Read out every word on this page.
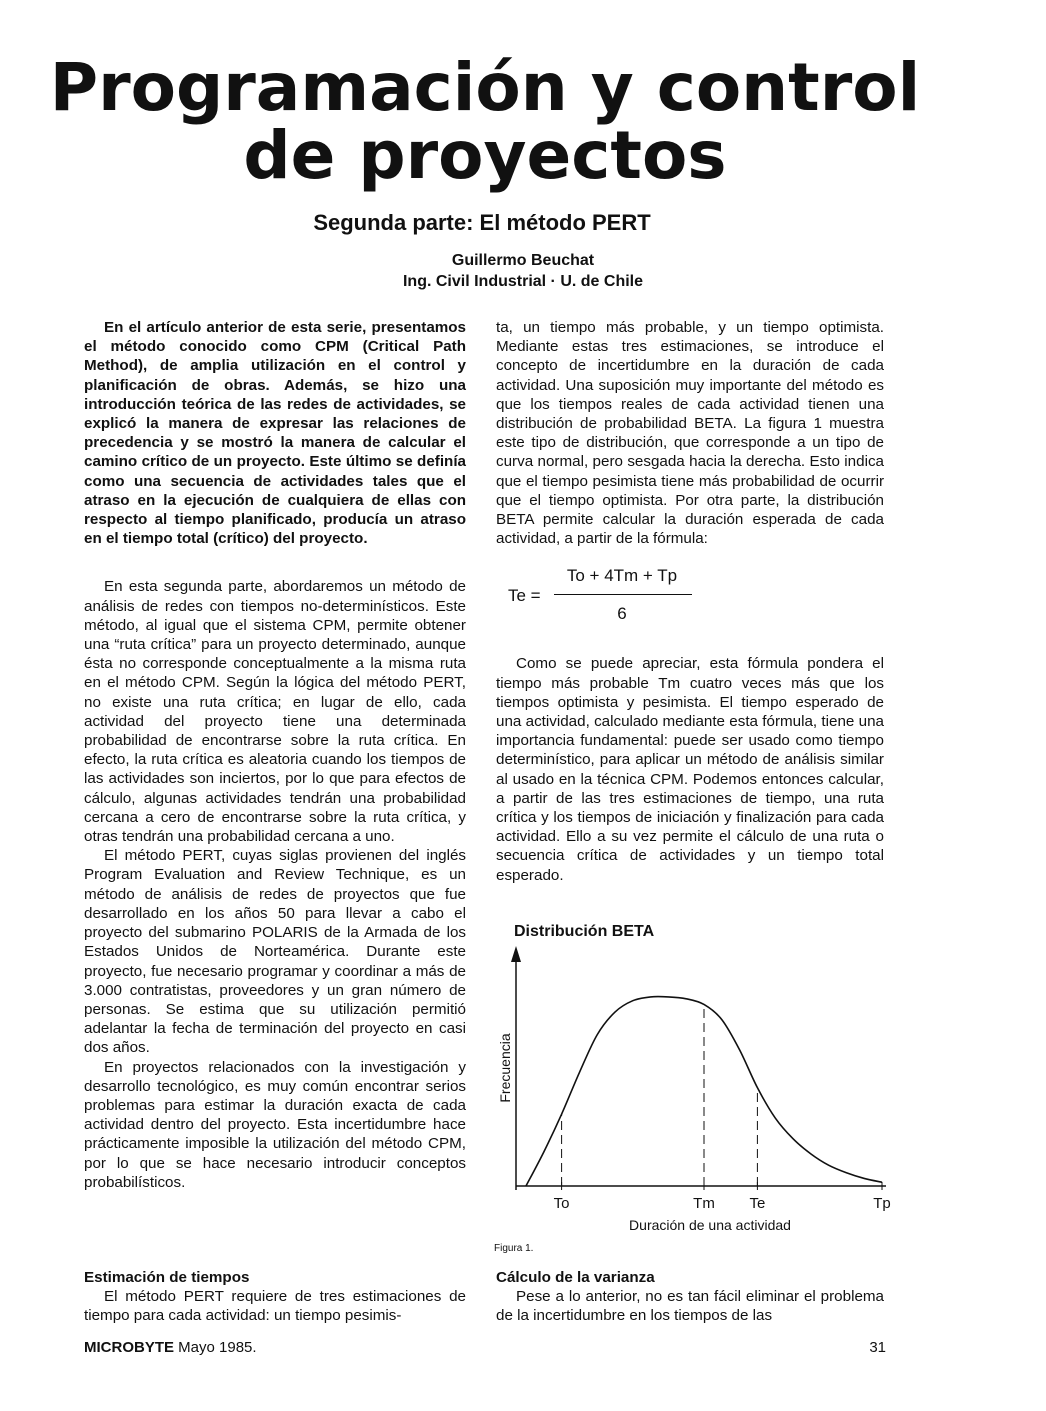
Programación y control
de proyectos
Segunda parte: El método PERT
Guillermo Beuchat
Ing. Civil Industrial · U. de Chile

En el artículo anterior de esta serie, presentamos el método conocido como CPM (Critical Path Method), de amplia utilización en el control y planificación de obras. Además, se hizo una introducción teórica de las redes de actividades, se explicó la manera de expresar las relaciones de precedencia y se mostró la manera de calcular el camino crítico de un proyecto. Este último se definía como una secuencia de actividades tales que el atraso en la ejecución de cualquiera de ellas con respecto al tiempo planificado, producía un atraso en el tiempo total (crítico) del proyecto.

En esta segunda parte, abordaremos un método de análisis de redes con tiempos no-determinísticos. Este método, al igual que el sistema CPM, permite obtener una “ruta crítica” para un proyecto determinado, aunque ésta no corresponde conceptualmente a la misma ruta en el método CPM. Según la lógica del método PERT, no existe una ruta crítica; en lugar de ello, cada actividad del proyecto tiene una determinada probabilidad de encontrarse sobre la ruta crítica. En efecto, la ruta crítica es aleatoria cuando los tiempos de las actividades son inciertos, por lo que para efectos de cálculo, algunas actividades tendrán una probabilidad cercana a cero de encontrarse sobre la ruta crítica, y otras tendrán una probabilidad cercana a uno.

El método PERT, cuyas siglas provienen del inglés Program Evaluation and Review Technique, es un método de análisis de redes de proyectos que fue desarrollado en los años 50 para llevar a cabo el proyecto del submarino POLARIS de la Armada de los Estados Unidos de Norteamérica. Durante este proyecto, fue necesario programar y coordinar a más de 3.000 contratistas, proveedores y un gran número de personas. Se estima que su utilización permitió adelantar la fecha de terminación del proyecto en casi dos años.

En proyectos relacionados con la investigación y desarrollo tecnológico, es muy común encontrar serios problemas para estimar la duración exacta de cada actividad dentro del proyecto. Esta incertidumbre hace prácticamente imposible la utilización del método CPM, por lo que se hace necesario introducir conceptos probabilísticos.

ta, un tiempo más probable, y un tiempo optimista. Mediante estas tres estimaciones, se introduce el concepto de incertidumbre en la duración de cada actividad. Una suposición muy importante del método es que los tiempos reales de cada actividad tienen una distribución de probabilidad BETA. La figura 1 muestra este tipo de distribución, que corresponde a un tipo de curva normal, pero sesgada hacia la derecha. Esto indica que el tiempo pesimista tiene más probabilidad de ocurrir que el tiempo optimista. Por otra parte, la distribución BETA permite calcular la duración esperada de cada actividad, a partir de la fórmula:

Te =
To + 4Tm + Tp
6

Como se puede apreciar, esta fórmula pondera el tiempo más probable Tm cuatro veces más que los tiempos optimista y pesimista. El tiempo esperado de una actividad, calculado mediante esta fórmula, tiene una importancia fundamental: puede ser usado como tiempo determinístico, para aplicar un método de análisis similar al usado en la técnica CPM. Podemos entonces calcular, a partir de las tres estimaciones de tiempo, una ruta crítica y los tiempos de iniciación y finalización para cada actividad. Ello a su vez permite el cálculo de una ruta o secuencia crítica de actividades y un tiempo total esperado.

Distribución BETA
Frecuencia
Duración de una actividad
Figura 1.
To	Tm Te	Tp
Cálculo de la varianza

Pese a lo anterior, no es tan fácil eliminar el problema de la incertidumbre en los tiempos de las

Estimación de tiempos

El método PERT requiere de tres estimaciones de tiempo para cada actividad: un tiempo pesimis-

MICROBYTE Mayo 1985.	31
